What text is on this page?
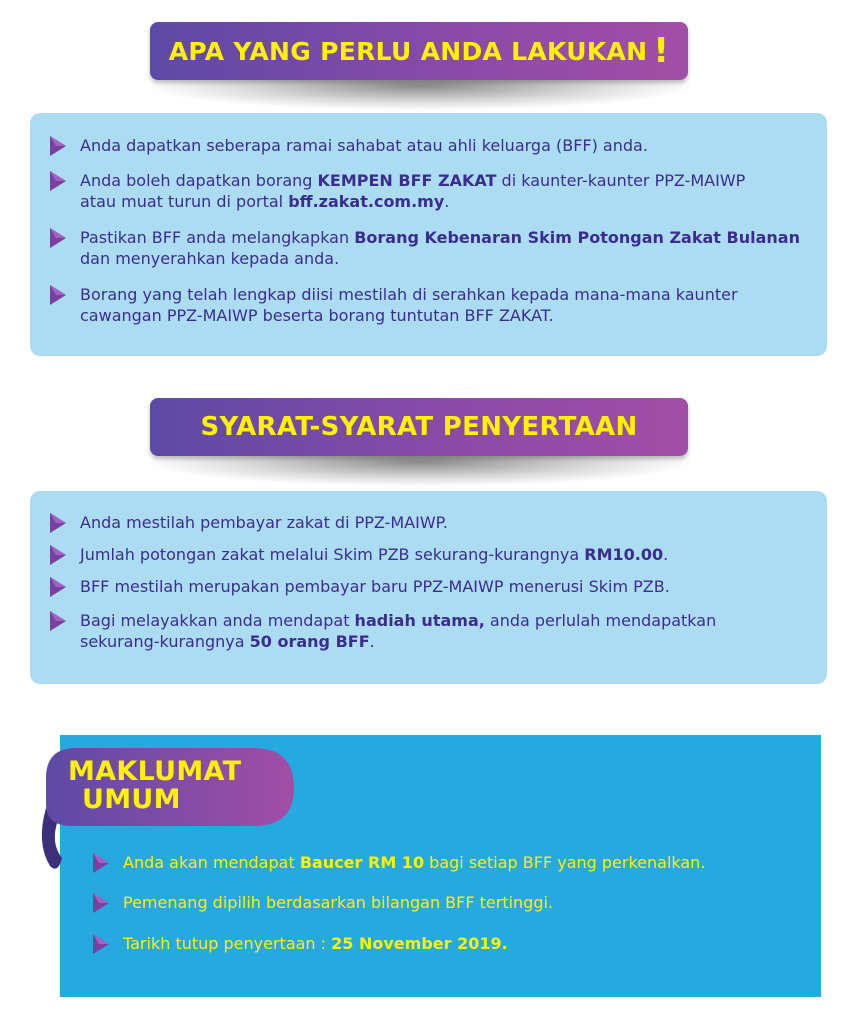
APA YANG PERLU ANDA LAKUKAN !
Anda dapatkan seberapa ramai sahabat atau ahli keluarga (BFF) anda.
Anda boleh dapatkan borang KEMPEN BFF ZAKAT di kaunter-kaunter PPZ-MAIWP
atau muat turun di portal bff.zakat.com.my.
Pastikan BFF anda melangkapkan Borang Kebenaran Skim Potongan Zakat Bulanan
dan menyerahkan kepada anda.
Borang yang telah lengkap diisi mestilah di serahkan kepada mana-mana kaunter
cawangan PPZ-MAIWP beserta borang tuntutan BFF ZAKAT.
SYARAT-SYARAT PENYERTAAN
Anda mestilah pembayar zakat di PPZ-MAIWP.
Jumlah potongan zakat melalui Skim PZB sekurang-kurangnya RM10.00.
BFF mestilah merupakan pembayar baru PPZ-MAIWP menerusi Skim PZB.
Bagi melayakkan anda mendapat hadiah utama, anda perlulah mendapatkan
sekurang-kurangnya 50 orang BFF.
MAKLUMAT
UMUM
Anda akan mendapat Baucer RM 10 bagi setiap BFF yang perkenalkan.
Pemenang dipilih berdasarkan bilangan BFF tertinggi.
Tarikh tutup penyertaan : 25 November 2019.
